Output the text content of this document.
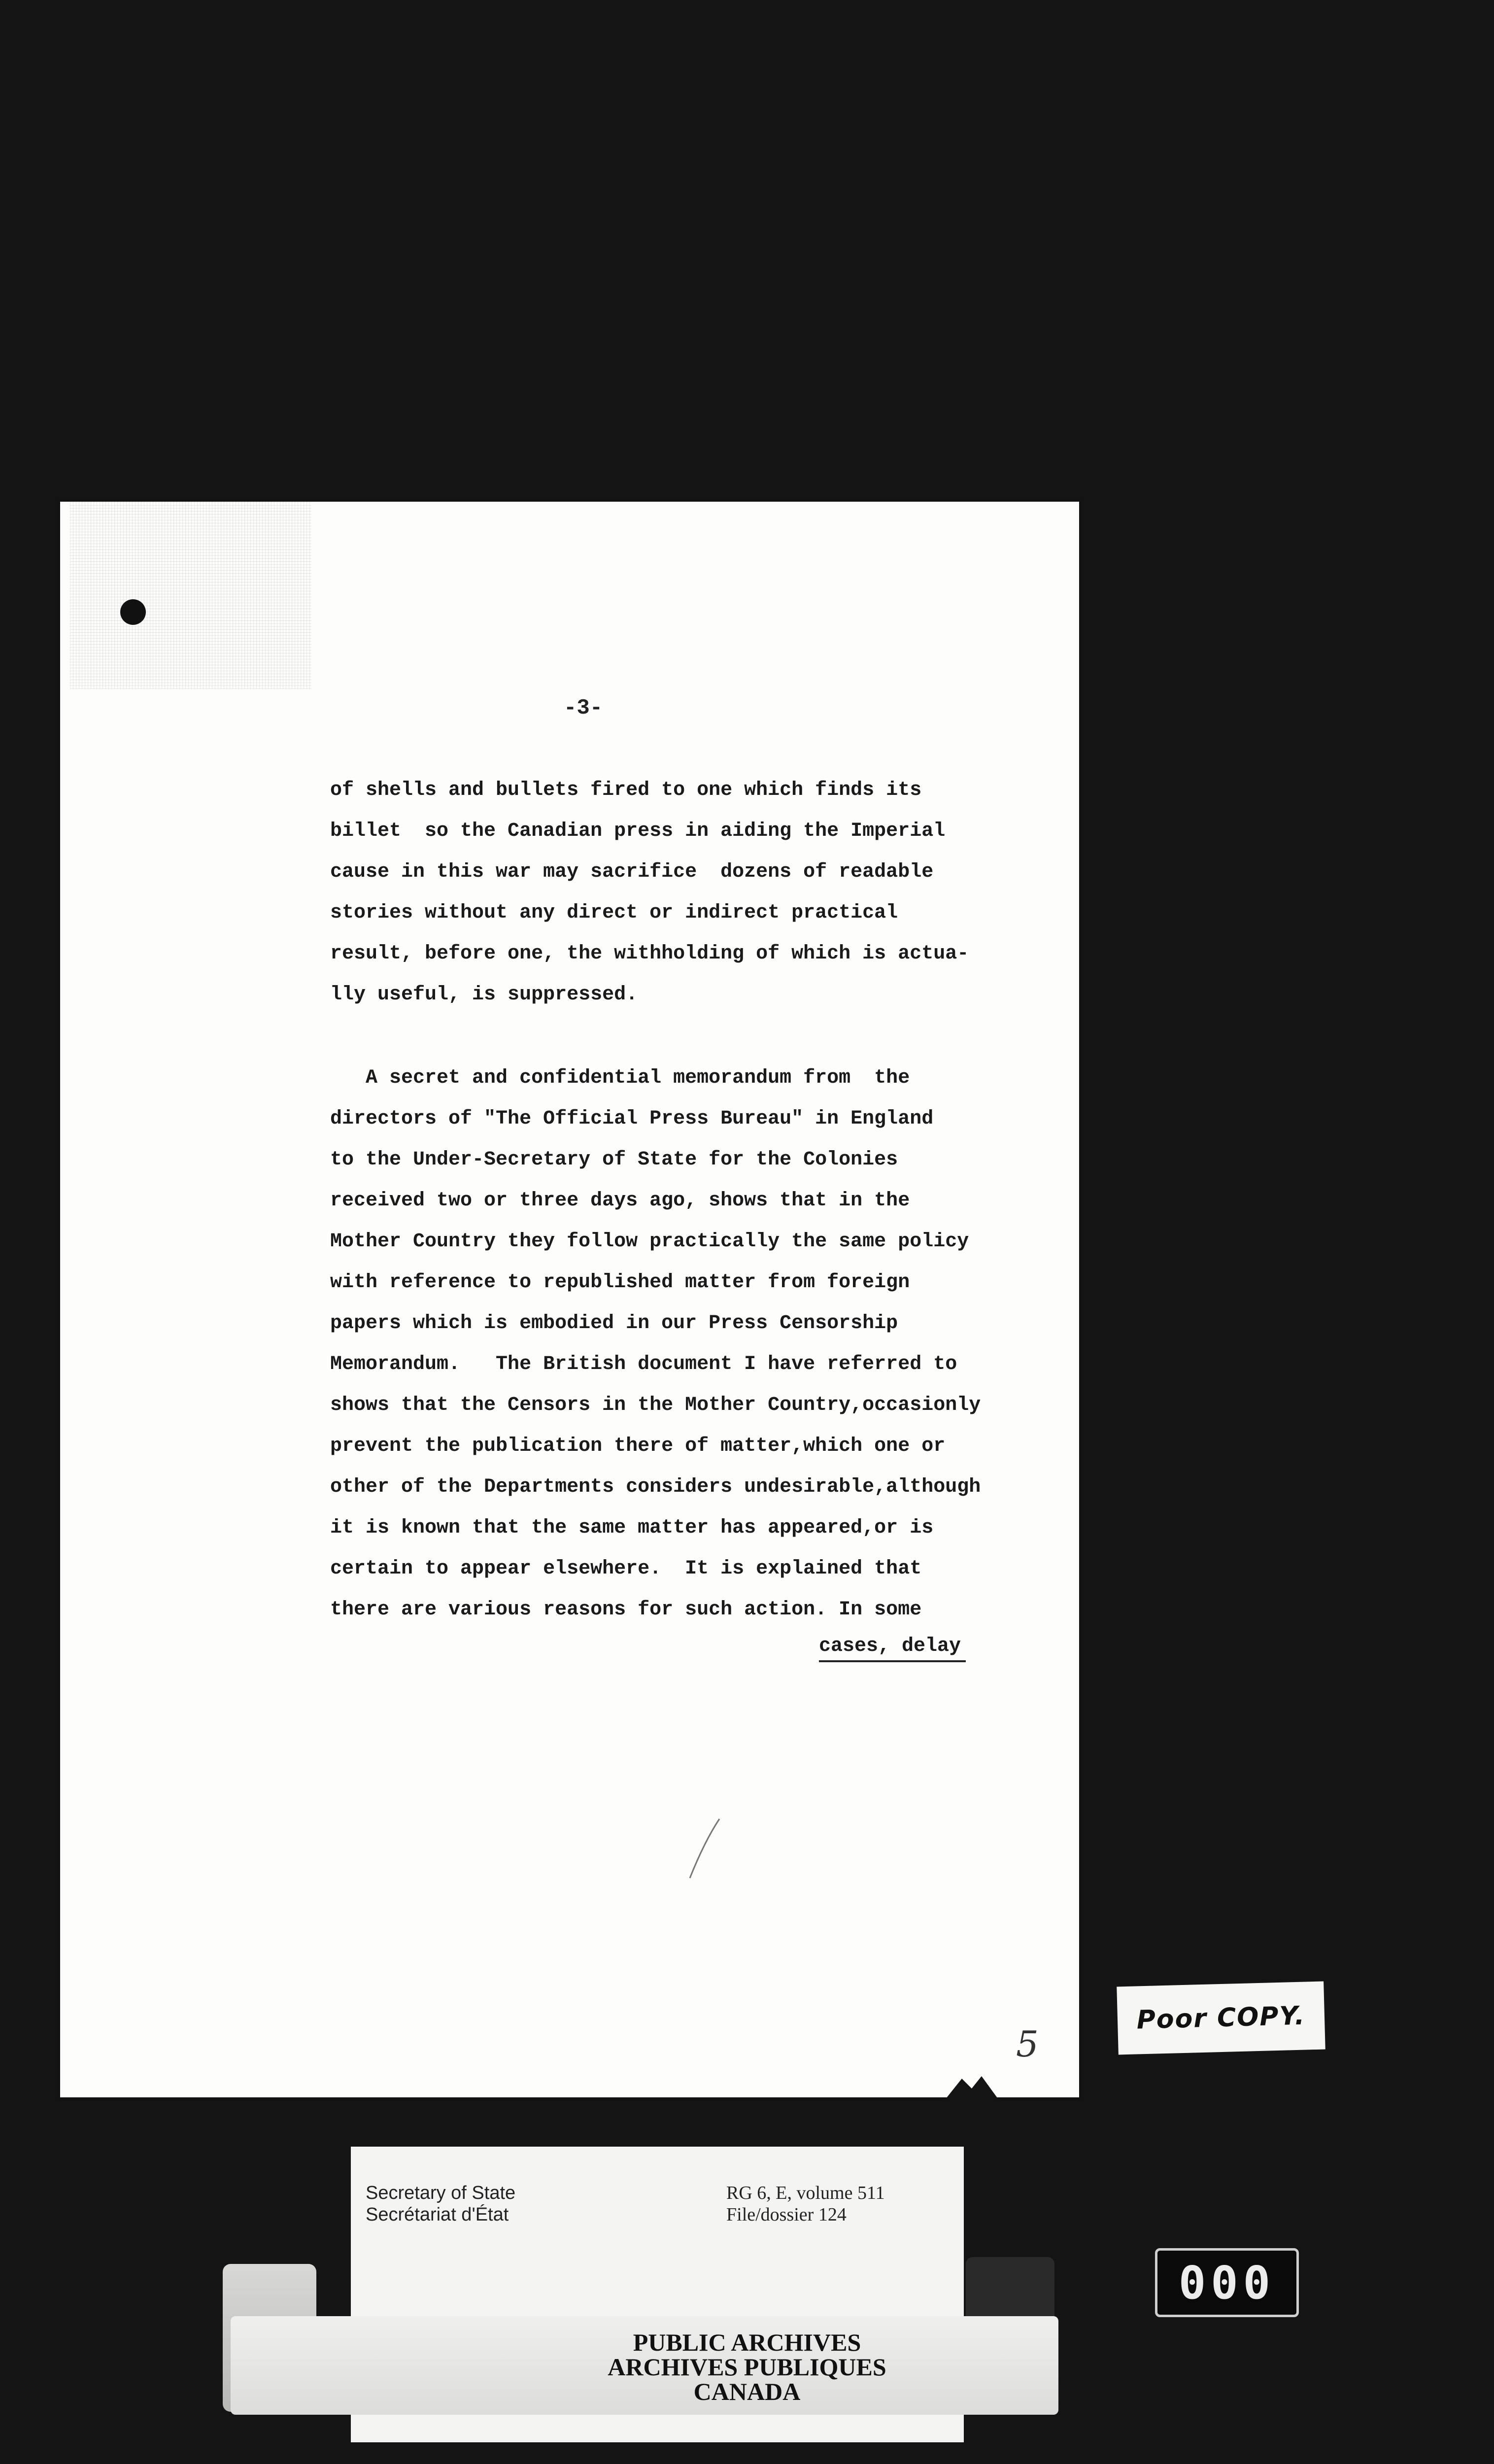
-3-

of shells and bullets fired to one which finds its
billet  so the Canadian press in aiding the Imperial
cause in this war may sacrifice  dozens of readable
stories without any direct or indirect practical
result, before one, the withholding of which is actua-
lly useful, is suppressed.

A secret and confidential memorandum from  the
directors of "The Official Press Bureau" in England
to the Under-Secretary of State for the Colonies
received two or three days ago, shows that in the
Mother Country they follow practically the same policy
with reference to republished matter from foreign
papers which is embodied in our Press Censorship
Memorandum.   The British document I have referred to
shows that the Censors in the Mother Country,occasionly
prevent the publication there of matter,which one or
other of the Departments considers undesirable,although
it is known that the same matter has appeared,or is
certain to appear elsewhere.  It is explained that
there are various reasons for such action. In some

cases, delay
5
Poor COPY.
Secretary of State
Secrétariat d'État
RG 6, E, volume 511
File/dossier 124
PUBLIC ARCHIVES
ARCHIVES PUBLIQUES
CANADA
000
